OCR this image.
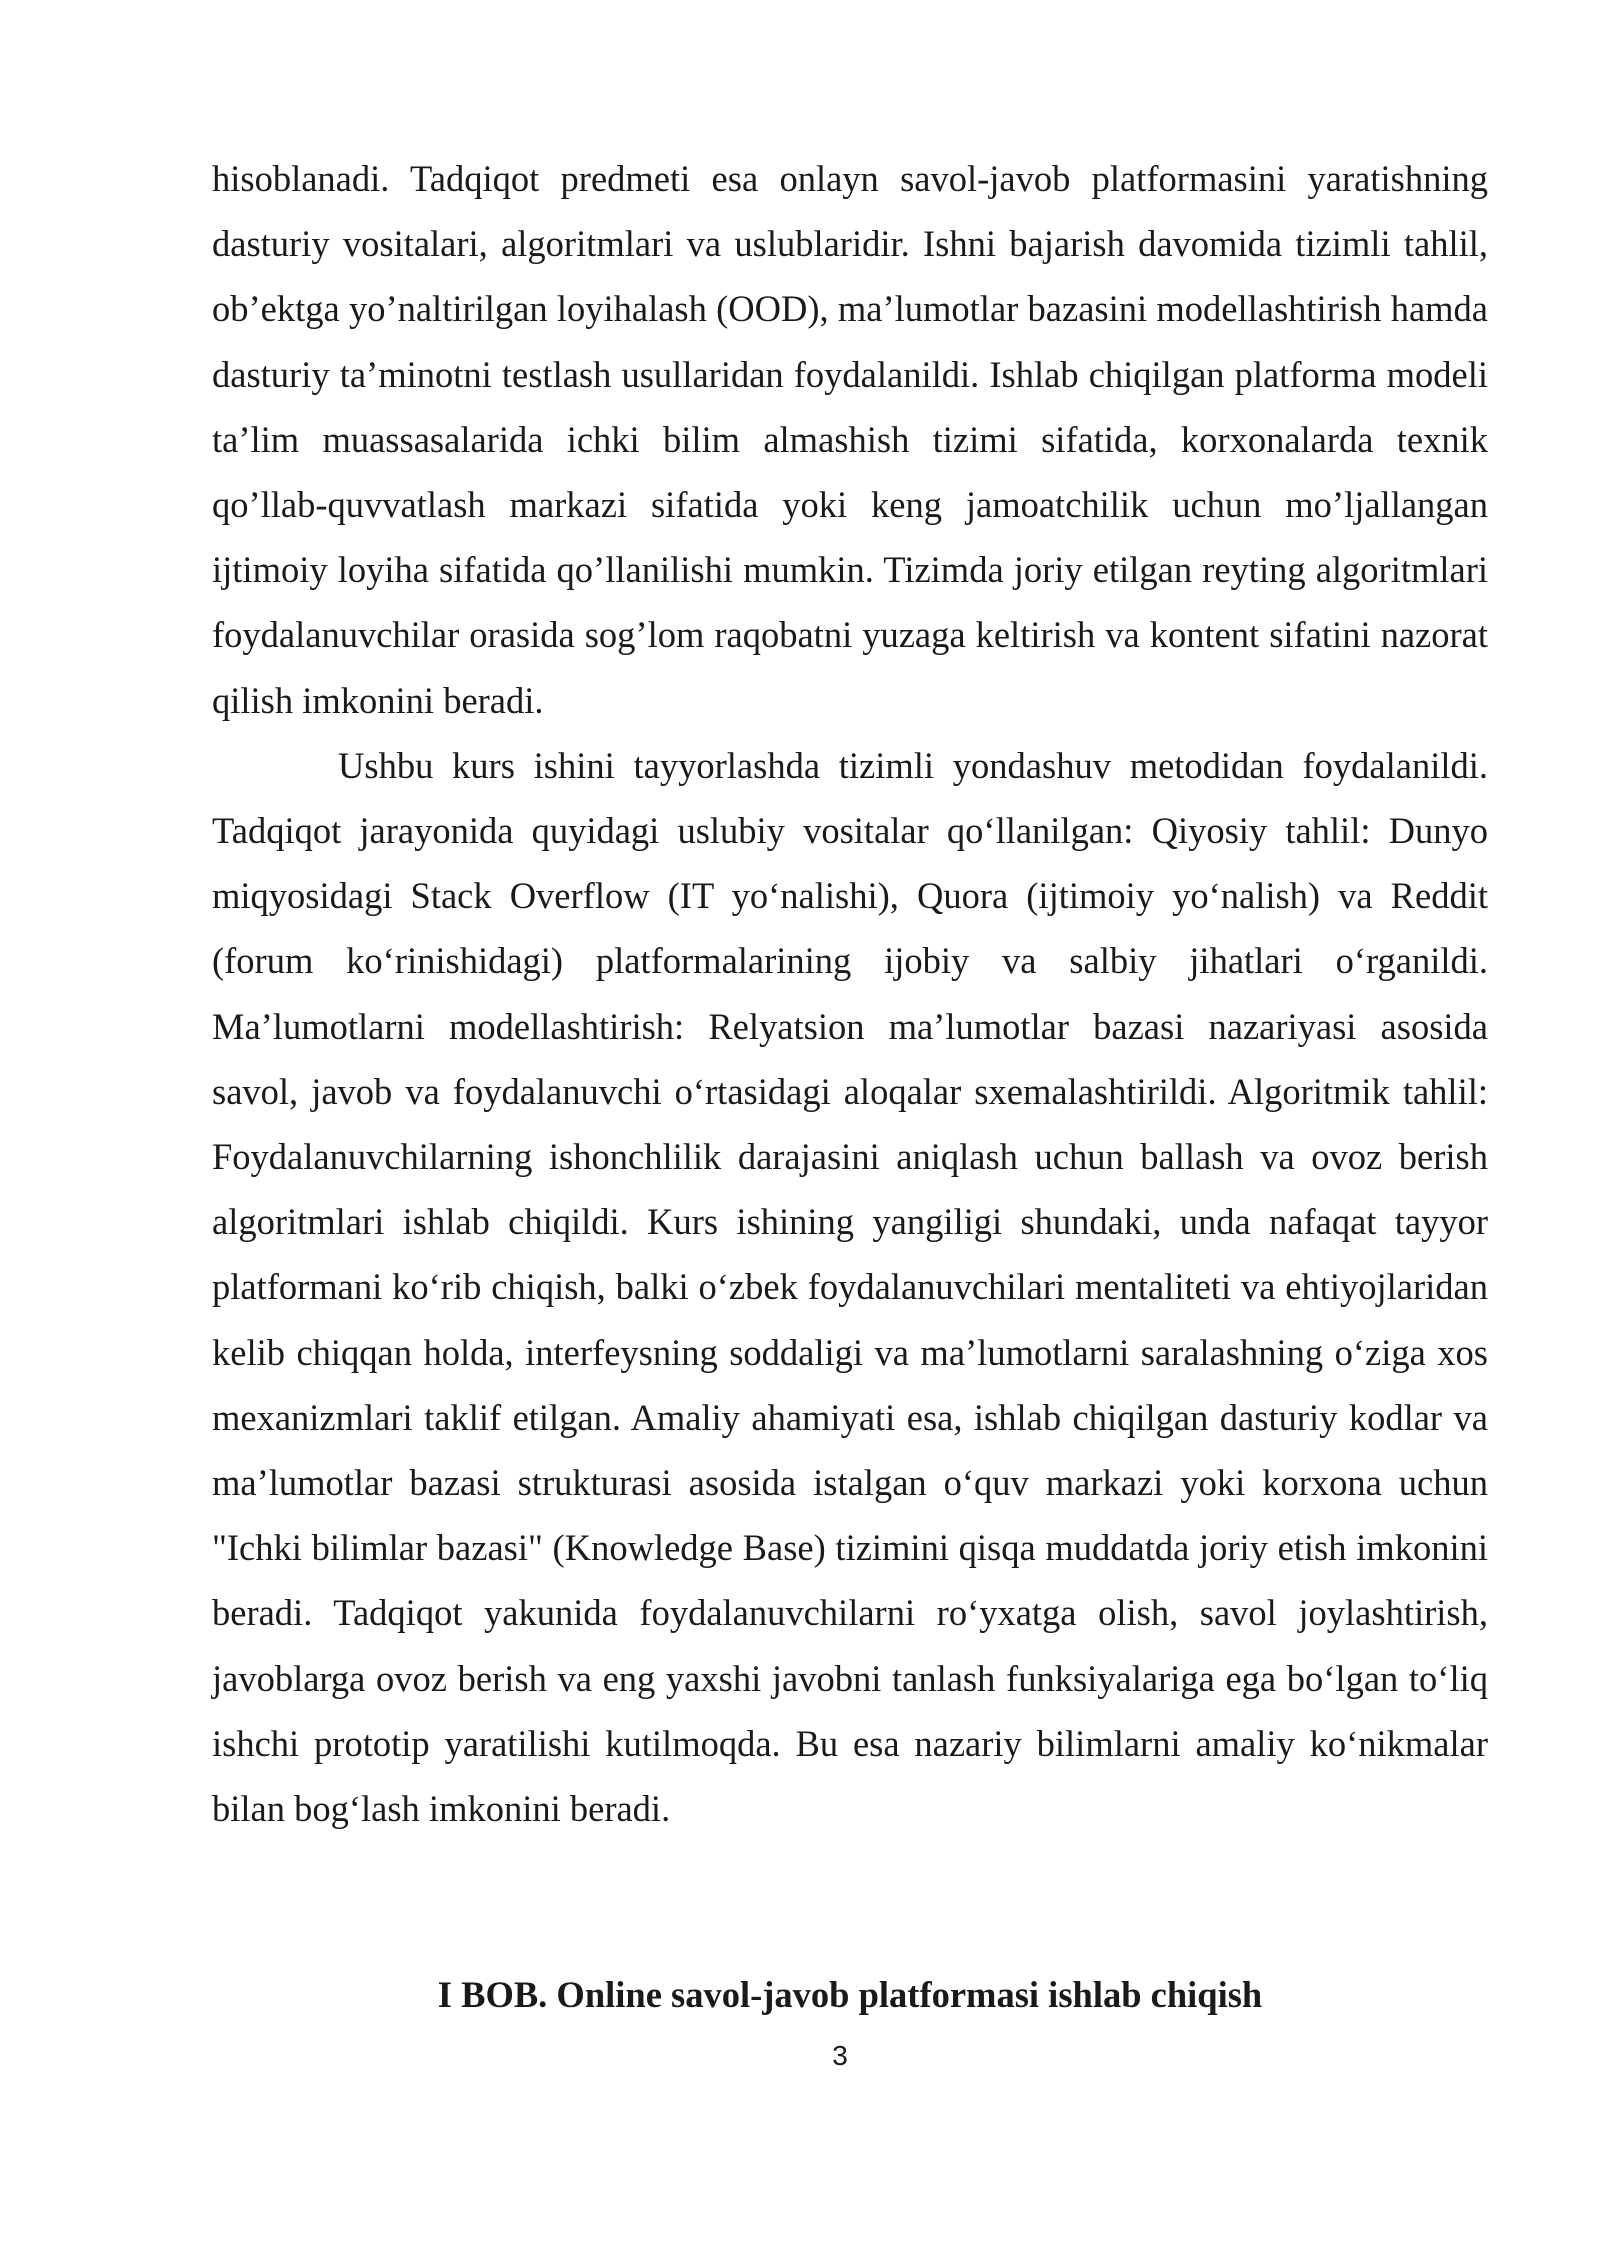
hisoblanadi. Tadqiqot predmeti esa onlayn savol-javob platformasini yaratishning dasturiy vositalari, algoritmlari va uslublaridir. Ishni bajarish davomida tizimli tahlil, ob’ektga yo’naltirilgan loyihalash (OOD), ma’lumotlar bazasini modellashtirish hamda dasturiy ta’minotni testlash usullaridan foydalanildi. Ishlab chiqilgan platforma modeli ta’lim muassasalarida ichki bilim almashish tizimi sifatida, korxonalarda texnik qo’llab-quvvatlash markazi sifatida yoki keng jamoatchilik uchun mo’ljallangan ijtimoiy loyiha sifatida qo’llanilishi mumkin. Tizimda joriy etilgan reyting algoritmlari foydalanuvchilar orasida sog’lom raqobatni yuzaga keltirish va kontent sifatini nazorat qilish imkonini beradi.

Ushbu kurs ishini tayyorlashda tizimli yondashuv metodidan foydalanildi. Tadqiqot jarayonida quyidagi uslubiy vositalar qo‘llanilgan: Qiyosiy tahlil: Dunyo miqyosidagi Stack Overflow (IT yo‘nalishi), Quora (ijtimoiy yo‘nalish) va Reddit (forum ko‘rinishidagi) platformalarining ijobiy va salbiy jihatlari o‘rganildi. Ma’lumotlarni modellashtirish: Relyatsion ma’lumotlar bazasi nazariyasi asosida savol, javob va foydalanuvchi o‘rtasidagi aloqalar sxemalashtirildi. Algoritmik tahlil: Foydalanuvchilarning ishonchlilik darajasini aniqlash uchun ballash va ovoz berish algoritmlari ishlab chiqildi. Kurs ishining yangiligi shundaki, unda nafaqat tayyor platformani ko‘rib chiqish, balki o‘zbek foydalanuvchilari mentaliteti va ehtiyojlaridan kelib chiqqan holda, interfeysning soddaligi va ma’lumotlarni saralashning o‘ziga xos mexanizmlari taklif etilgan. Amaliy ahamiyati esa, ishlab chiqilgan dasturiy kodlar va ma’lumotlar bazasi strukturasi asosida istalgan o‘quv markazi yoki korxona uchun "Ichki bilimlar bazasi" (Knowledge Base) tizimini qisqa muddatda joriy etish imkonini beradi. Tadqiqot yakunida foydalanuvchilarni ro‘yxatga olish, savol joylashtirish, javoblarga ovoz berish va eng yaxshi javobni tanlash funksiyalariga ega bo‘lgan to‘liq ishchi prototip yaratilishi kutilmoqda. Bu esa nazariy bilimlarni amaliy ko‘nikmalar bilan bog‘lash imkonini beradi.

I BOB. Online savol-javob platformasi ishlab chiqish
3
